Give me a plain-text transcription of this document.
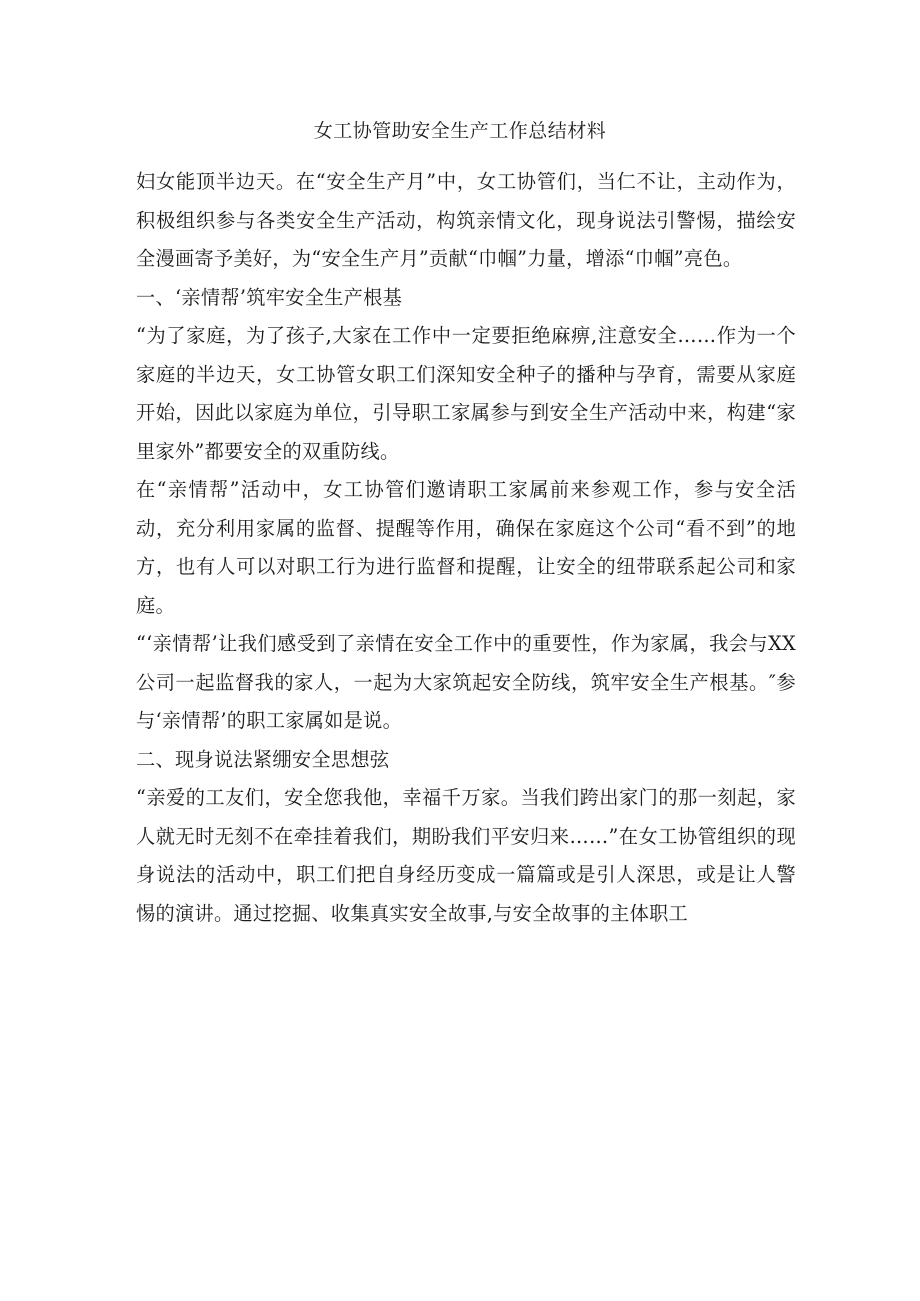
女工协管助安全生产工作总结材料

妇女能顶半边天。在“安全生产月”中，女工协管们，当仁不让，主动作为，积极组织参与各类安全生产活动，构筑亲情文化，现身说法引警惕，描绘安全漫画寄予美好，为“安全生产月”贡献“巾帼”力量，增添“巾帼”亮色。

一、‘亲情帮’筑牢安全生产根基

“为了家庭，为了孩子,大家在工作中一定要拒绝麻痹,注意安全……作为一个家庭的半边天，女工协管女职工们深知安全种子的播种与孕育，需要从家庭开始，因此以家庭为单位，引导职工家属参与到安全生产活动中来，构建“家里家外”都要安全的双重防线。

在“亲情帮”活动中，女工协管们邀请职工家属前来参观工作，参与安全活动，充分利用家属的监督、提醒等作用，确保在家庭这个公司“看不到”的地方，也有人可以对职工行为进行监督和提醒，让安全的纽带联系起公司和家庭。

“‘亲情帮’让我们感受到了亲情在安全工作中的重要性，作为家属，我会与XX公司一起监督我的家人，一起为大家筑起安全防线，筑牢安全生产根基。″参与‘亲情帮’的职工家属如是说。

二、现身说法紧绷安全思想弦

“亲爱的工友们，安全您我他，幸福千万家。当我们跨出家门的那一刻起，家人就无时无刻不在牵挂着我们，期盼我们平安归来……”在女工协管组织的现身说法的活动中，职工们把自身经历变成一篇篇或是引人深思，或是让人警惕的演讲。通过挖掘、收集真实安全故事,与安全故事的主体职工
